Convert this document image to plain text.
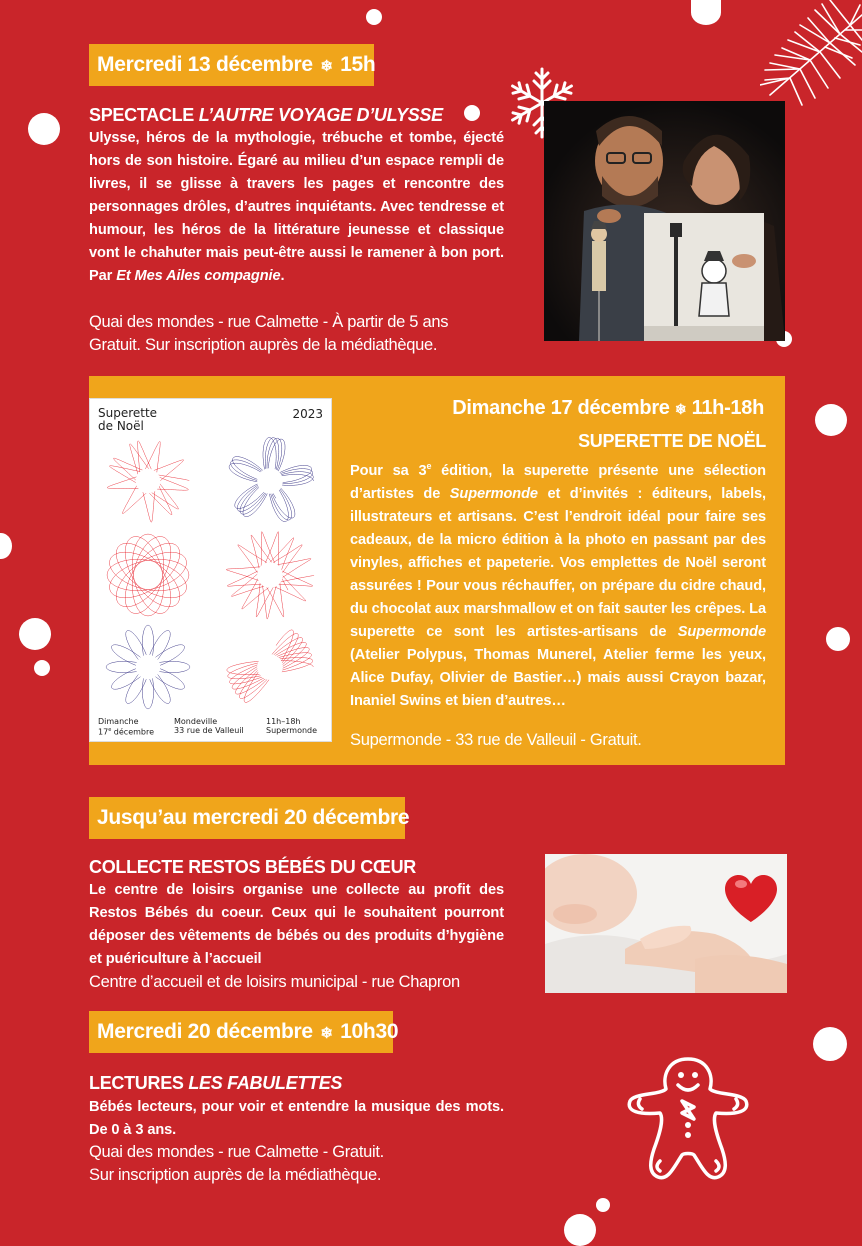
Mercredi 13 décembre ❄ 15h
SPECTACLE L’AUTRE VOYAGE D’ULYSSE
Ulysse, héros de la mythologie, trébuche et tombe, éjecté hors de son histoire. Égaré au milieu d’un espace rempli de livres, il se glisse à travers les pages et rencontre des personnages drôles, d’autres inquiétants. Avec tendresse et humour, les héros de la littérature jeunesse et classique vont le chahuter mais peut-être aussi le ramener à bon port. Par Et Mes Ailes compagnie.
Quai des mondes - rue Calmette - À partir de 5 ans
Gratuit. Sur inscription auprès de la médiathèque.
Superette
de Noël
2023
Dimanche
17e décembre
Mondeville
33 rue de Valleuil
11h–18h
Supermonde
Dimanche 17 décembre ❄ 11h-18h
SUPERETTE DE NOËL
Pour sa 3e édition, la superette présente une sélection d’artistes de Supermonde et d’invités : éditeurs, labels, illustrateurs et artisans. C’est l’endroit idéal pour faire ses cadeaux, de la micro édition à la photo en passant par des vinyles, affiches et papeterie. Vos emplettes de Noël seront assurées ! Pour vous réchauffer, on prépare du cidre chaud, du chocolat aux marshmallow et on fait sauter les crêpes. La superette ce sont les artistes-artisans de Supermonde (Atelier Polypus, Thomas Munerel, Atelier ferme les yeux, Alice Dufay, Olivier de Bastier…) mais aussi Crayon bazar, Inaniel Swins et bien d’autres…
Supermonde - 33 rue de Valleuil - Gratuit.
Jusqu’au mercredi 20 décembre
COLLECTE RESTOS BÉBÉS DU CŒUR
Le centre de loisirs organise une collecte au profit des Restos Bébés du coeur. Ceux qui le souhaitent pourront déposer des vêtements de bébés ou des produits d’hygiène et puériculture à l’accueil
Centre d’accueil et de loisirs municipal - rue Chapron
Mercredi 20 décembre ❄ 10h30
LECTURES LES FABULETTES
Bébés lecteurs, pour voir et entendre la musique des mots. De 0 à 3 ans.
Quai des mondes - rue Calmette - Gratuit.
Sur inscription auprès de la médiathèque.
